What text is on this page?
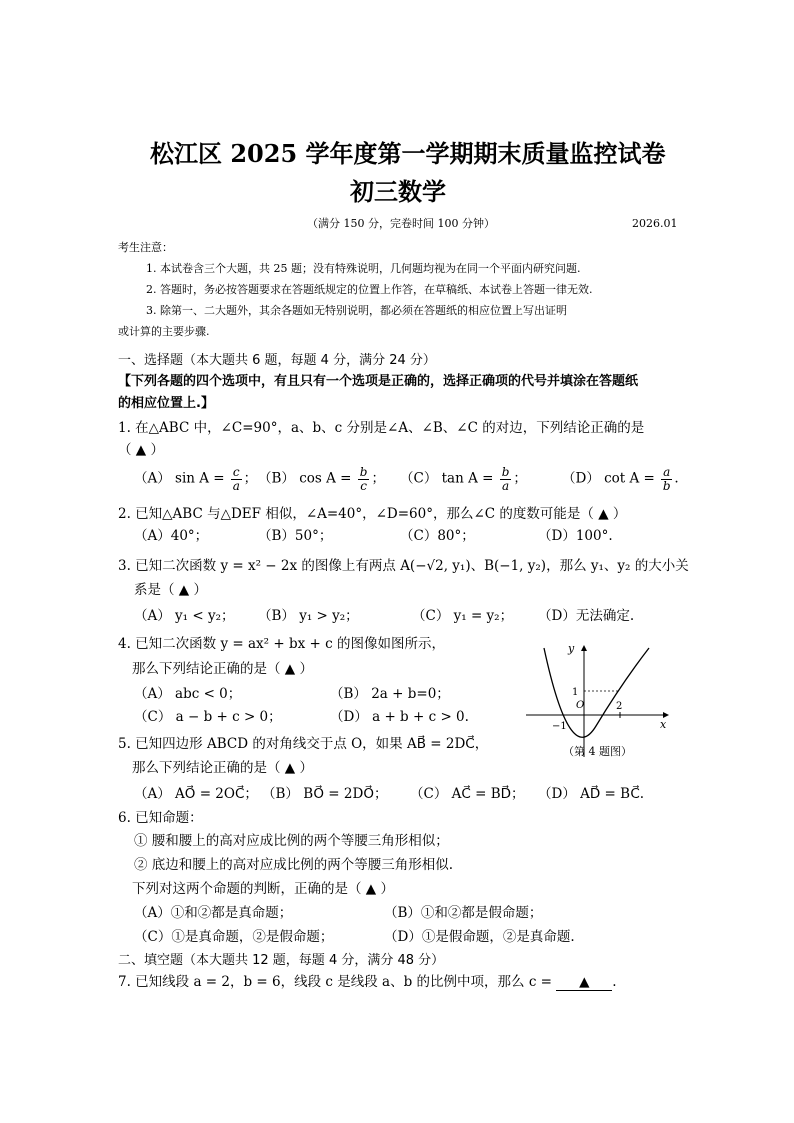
松江区 2025 学年度第一学期期末质量监控试卷
初三数学
（满分 150 分，完卷时间 100 分钟）	2026.01
考生注意：
1. 本试卷含三个大题，共 25 题；没有特殊说明，几何题均视为在同一个平面内研究问题.
2. 答题时，务必按答题要求在答题纸规定的位置上作答，在草稿纸、本试卷上答题一律无效.
3. 除第一、二大题外，其余各题如无特别说明，都必须在答题纸的相应位置上写出证明
或计算的主要步骤.
一、选择题（本大题共 6 题，每题 4 分，满分 24 分）
【下列各题的四个选项中，有且只有一个选项是正确的，选择正确项的代号并填涂在答题纸
的相应位置上.】
1. 在△ABC 中，∠C=90°，a、b、c 分别是∠A、∠B、∠C 的对边，下列结论正确的是
（ ▲ ）
（A） $\sin A = \frac{c}{a}$ ； （B） $\cos A = \frac{b}{c}$ ； （C） $\tan A = \frac{b}{a}$ ；	（D） $\cot A = \frac{a}{b}$ .
2. 已知△ABC 与△DEF 相似，∠A=40°，∠D=60°，那么∠C 的度数可能是（ ▲ ）
（A）40°；	（B）50°；	（C）80°；	（D）100°.
3. 已知二次函数 y = x² − 2x 的图像上有两点 A(−√2, y₁)、B(−1, y₂)，那么 y₁、y₂ 的大小关
系是（ ▲ ）
（A） y₁ < y₂； （B） y₁ > y₂；	（C） y₁ = y₂； （D）无法确定.
4. 已知二次函数 y = ax² + bx + c 的图像如图所示，
那么下列结论正确的是（ ▲ ）
（A） abc < 0；	（B） 2a + b=0；
（C） a − b + c > 0；	（D） a + b + c > 0.
y
x
O
1
−1
2
（第 4 题图）
5. 已知四边形 ABCD 的对角线交于点 O，如果 AB⃗ = 2DC⃗，
那么下列结论正确的是（ ▲ ）
（A） AO⃗ = 2OC⃗； （B） BO⃗ = 2DO⃗； （C） AC⃗ = BD⃗； （D） AD⃗ = BC⃗.
6. 已知命题：
① 腰和腰上的高对应成比例的两个等腰三角形相似；
② 底边和腰上的高对应成比例的两个等腰三角形相似.
下列对这两个命题的判断，正确的是（ ▲ ）
（A）①和②都是真命题；	（B）①和②都是假命题；
（C）①是真命题，②是假命题；	（D）①是假命题，②是真命题.
二、填空题（本大题共 12 题，每题 4 分，满分 48 分）
7. 已知线段 a = 2，b = 6，线段 c 是线段 a、b 的比例中项，那么 c = ▲ .
